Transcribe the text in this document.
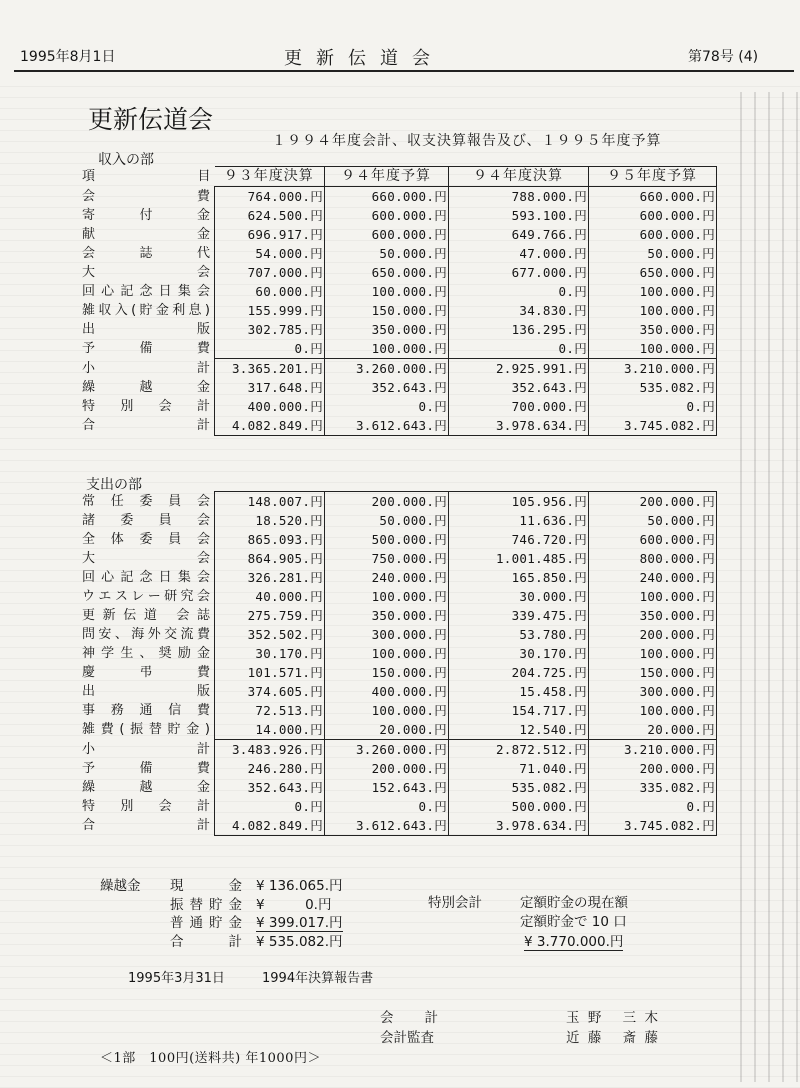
1995年8月1日	更新伝道会	第78号 (4)
更新伝道会
１９９４年度会計、収支決算報告及び、１９９５年度予算
収入の部
項目	９３年度決算	９４年度予算	９４年度決算	９５年度予算
会費	764.000.円	660.000.円	788.000.円	660.000.円
寄付金	624.500.円	600.000.円	593.100.円	600.000.円
献金	696.917.円	600.000.円	649.766.円	600.000.円
会誌代	54.000.円	50.000.円	47.000.円	50.000.円
大会	707.000.円	650.000.円	677.000.円	650.000.円
回心記念日集会	60.000.円	100.000.円	0.円	100.000.円
雑収入(貯金利息)	155.999.円	150.000.円	34.830.円	100.000.円
出版	302.785.円	350.000.円	136.295.円	350.000.円
予備費	0.円	100.000.円	0.円	100.000.円
小計	3.365.201.円	3.260.000.円	2.925.991.円	3.210.000.円
繰越金	317.648.円	352.643.円	352.643.円	535.082.円
特別会計	400.000.円	0.円	700.000.円	0.円
合計	4.082.849.円	3.612.643.円	3.978.634.円	3.745.082.円
支出の部
常任委員会	148.007.円	200.000.円	105.956.円	200.000.円
諸委員会	18.520.円	50.000.円	11.636.円	50.000.円
全体委員会	865.093.円	500.000.円	746.720.円	600.000.円
大会	864.905.円	750.000.円	1.001.485.円	800.000.円
回心記念日集会	326.281.円	240.000.円	165.850.円	240.000.円
ウエスレー研究会	40.000.円	100.000.円	30.000.円	100.000.円
更新伝道 会誌	275.759.円	350.000.円	339.475.円	350.000.円
問安、海外交流費	352.502.円	300.000.円	53.780.円	200.000.円
神学生、奨励金	30.170.円	100.000.円	30.170.円	100.000.円
慶弔費	101.571.円	150.000.円	204.725.円	150.000.円
出版	374.605.円	400.000.円	15.458.円	300.000.円
事務通信費	72.513.円	100.000.円	154.717.円	100.000.円
雑費(振替貯金)	14.000.円	20.000.円	12.540.円	20.000.円
小計	3.483.926.円	3.260.000.円	2.872.512.円	3.210.000.円
予備費	246.280.円	200.000.円	71.040.円	200.000.円
繰越金	352.643.円	152.643.円	535.082.円	335.082.円
特別会計	0.円	0.円	500.000.円	0.円
合計	4.082.849.円	3.612.643.円	3.978.634.円	3.745.082.円
繰越金 現金 ¥ 136.065.円
振替貯金 ¥　　　0.円
普通貯金 ¥ 399.017.円
合計 ¥ 535.082.円
特別会計	定額貯金の現在額
定額貯金で 10 口
¥ 3.770.000.円
1995年3月31日	1994年決算報告書
会計	玉野 三木
会計監査	近藤 斎藤
＜1部　100円(送料共) 年1000円＞
